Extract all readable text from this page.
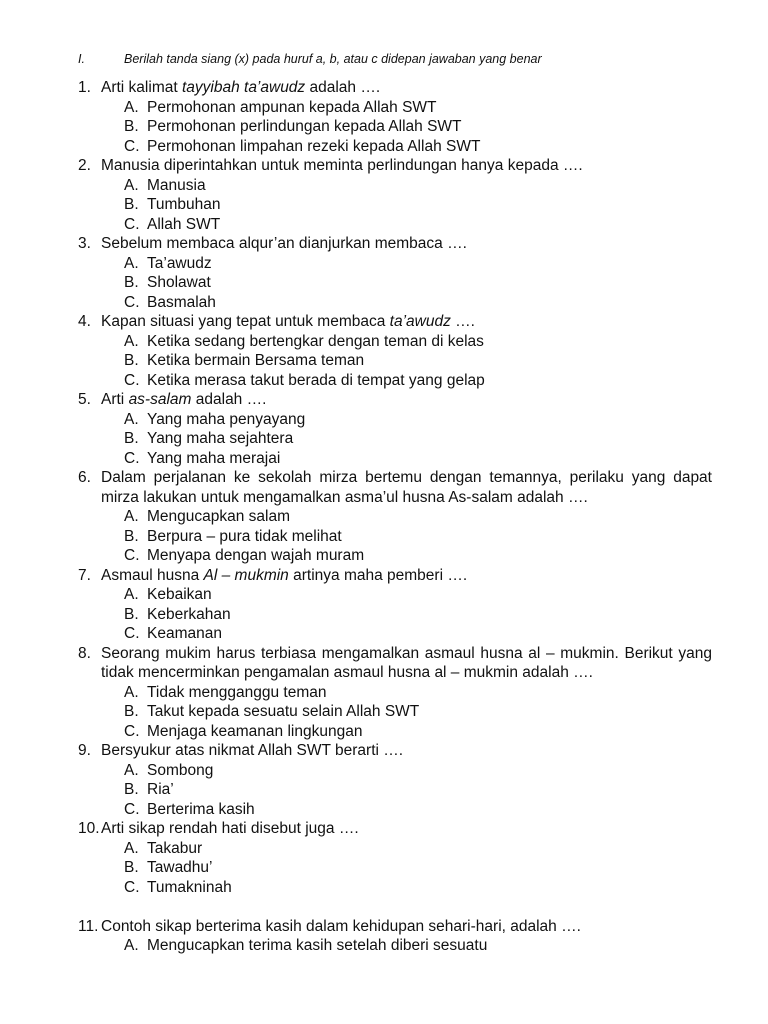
I.	Berilah tanda siang (x) pada huruf a, b, atau c didepan jawaban yang benar
1. Arti kalimat tayyibah ta’awudz adalah ….
A. Permohonan ampunan kepada Allah SWT
B. Permohonan perlindungan kepada Allah SWT
C. Permohonan limpahan rezeki kepada Allah SWT
2. Manusia diperintahkan untuk meminta perlindungan hanya kepada ….
A. Manusia
B. Tumbuhan
C. Allah SWT
3. Sebelum membaca alqur’an dianjurkan membaca ….
A. Ta’awudz
B. Sholawat
C. Basmalah
4. Kapan situasi yang tepat untuk membaca ta’awudz ….
A. Ketika sedang bertengkar dengan teman di kelas
B. Ketika bermain Bersama teman
C. Ketika merasa takut berada di tempat yang gelap
5. Arti as-salam adalah ….
A. Yang maha penyayang
B. Yang maha sejahtera
C. Yang maha merajai
6. Dalam perjalanan ke sekolah mirza bertemu dengan temannya, perilaku yang dapat mirza lakukan untuk mengamalkan asma’ul husna As-salam adalah ….
A. Mengucapkan salam
B. Berpura – pura tidak melihat
C. Menyapa dengan wajah muram
7. Asmaul husna Al – mukmin artinya maha pemberi ….
A. Kebaikan
B. Keberkahan
C. Keamanan
8. Seorang mukim harus terbiasa mengamalkan asmaul husna al – mukmin. Berikut yang tidak mencerminkan pengamalan asmaul husna al – mukmin adalah ….
A. Tidak mengganggu teman
B. Takut kepada sesuatu selain Allah SWT
C. Menjaga keamanan lingkungan
9. Bersyukur atas nikmat Allah SWT berarti ….
A. Sombong
B. Ria’
C. Berterima kasih
10. Arti sikap rendah hati disebut juga ….
A. Takabur
B. Tawadhu’
C. Tumakninah
11. Contoh sikap berterima kasih dalam kehidupan sehari-hari, adalah ….
A. Mengucapkan terima kasih setelah diberi sesuatu
